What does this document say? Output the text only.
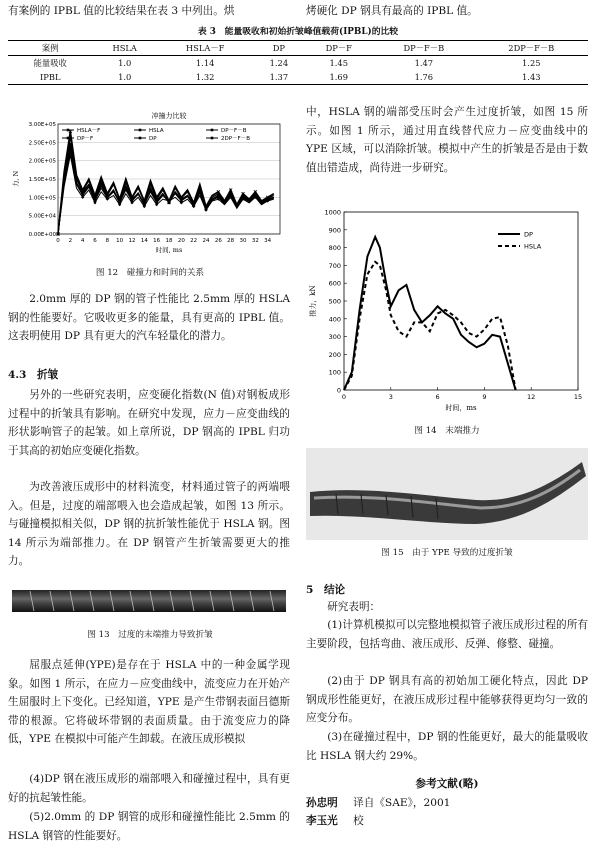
有案例的 IPBL 值的比较结果在表 3 中列出。烘	烤硬化 DP 钢具有最高的 IPBL 值。

表 3　能量吸收和初始折皱峰值载荷(IPBL)的比较
案例	HSLA	HSLA－F	DP	DP－F	DP－F－B	2DP－F－B
能量吸收	1.0	1.14	1.24	1.45	1.47	1.25
IPBL	1.0	1.32	1.37	1.69	1.76	1.43
冲撞力比较
0.00E+00
5.00E+04
1.00E+05
1.50E+05
2.00E+05
2.50E+05
3.00E+05
0 2 4 6 8 10 12 14 16 18 20 22 24 26 28 30 32 34
时间, ms
力, N
HSLA－F	HSLA	DP－F－B
DP－F	DP	2DP－F－B
图 12　碰撞力和时间的关系

2.0mm 厚的 DP 钢的管子性能比 2.5mm 厚的 HSLA 钢的性能要好。它吸收更多的能量，具有更高的 IPBL 值。这表明使用 DP 具有更大的汽车轻量化的潜力。

4.3　折皱

另外的一些研究表明，应变硬化指数(N 值)对钢板成形过程中的折皱具有影响。在研究中发现，应力－应变曲线的形状影响管子的起皱。如上章所说，DP 钢高的 IPBL 归功于其高的初始应变硬化指数。

为改善液压成形中的材料流变，材料通过管子的两端喂入。但是，过度的端部喂入也会造成起皱，如图 13 所示。与碰撞模拟相关似，DP 钢的抗折皱性能优于 HSLA 钢。图 14 所示为端部推力。在 DP 钢管产生折皱需要更大的推力。

图 13　过度的末端推力导致折皱

屈服点延伸(YPE)是存在于 HSLA 中的一种金属学现象。如图 1 所示，在应力－应变曲线中，流变应力在开始产生屈服时上下变化。已经知道，YPE 是产生带钢表面吕德斯带的根源。它将破坏带钢的表面质量。由于流变应力的降低，YPE 在模拟中可能产生卸载。在液压成形模拟

(4)DP 钢在液压成形的端部喂入和碰撞过程中，具有更好的抗起皱性能。

(5)2.0mm 的 DP 钢管的成形和碰撞性能比 2.5mm 的 HSLA 钢管的性能要好。

中，HSLA 钢的端部受压时会产生过度折皱，如图 15 所示。如图 1 所示，通过用直线替代应力－应变曲线中的 YPE 区域，可以消除折皱。模拟中产生的折皱是否是由于数值出错造成，尚待进一步研究。

0
100
200
300
400
500
600
700
800
900
1000
0	3	6	9	12	15
时间，ms
推力，kN
DP
HSLA
图 14　末端推力
图 15　由于 YPE 导致的过度折皱
5　结论

研究表明：

(1)计算机模拟可以完整地模拟管子液压成形过程的所有主要阶段，包括弯曲、液压成形、反弹、修整、碰撞。

(2)由于 DP 钢具有高的初始加工硬化特点，因此 DP 钢成形性能更好，在液压成形过程中能够获得更均匀一致的应变分布。

(3)在碰撞过程中，DP 钢的性能更好，最大的能量吸收比 HSLA 钢大约 29%。

参考文献(略)
孙忠明 译自《SAE》，2001
李玉光 校
